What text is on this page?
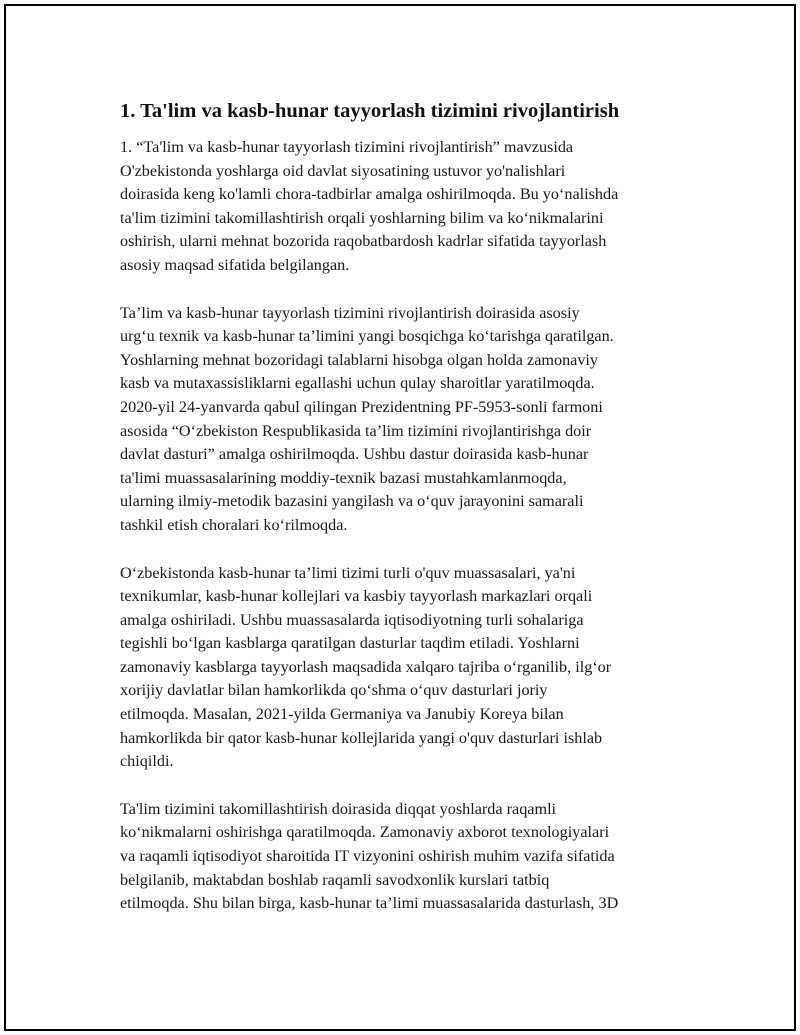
1. Ta'lim va kasb-hunar tayyorlash tizimini rivojlantirish

1. “Ta'lim va kasb-hunar tayyorlash tizimini rivojlantirish” mavzusida
O'zbekistonda yoshlarga oid davlat siyosatining ustuvor yo'nalishlari
doirasida keng ko'lamli chora-tadbirlar amalga oshirilmoqda. Bu yo‘nalishda
ta'lim tizimini takomillashtirish orqali yoshlarning bilim va ko‘nikmalarini
oshirish, ularni mehnat bozorida raqobatbardosh kadrlar sifatida tayyorlash
asosiy maqsad sifatida belgilangan.

Ta’lim va kasb-hunar tayyorlash tizimini rivojlantirish doirasida asosiy
urg‘u texnik va kasb-hunar ta’limini yangi bosqichga ko‘tarishga qaratilgan.
Yoshlarning mehnat bozoridagi talablarni hisobga olgan holda zamonaviy
kasb va mutaxassisliklarni egallashi uchun qulay sharoitlar yaratilmoqda.
2020-yil 24-yanvarda qabul qilingan Prezidentning PF-5953-sonli farmoni
asosida “O‘zbekiston Respublikasida ta’lim tizimini rivojlantirishga doir
davlat dasturi” amalga oshirilmoqda. Ushbu dastur doirasida kasb-hunar
ta'limi muassasalarining moddiy-texnik bazasi mustahkamlanmoqda,
ularning ilmiy-metodik bazasini yangilash va o‘quv jarayonini samarali
tashkil etish choralari ko‘rilmoqda.

O‘zbekistonda kasb-hunar ta’limi tizimi turli o'quv muassasalari, ya'ni
texnikumlar, kasb-hunar kollejlari va kasbiy tayyorlash markazlari orqali
amalga oshiriladi. Ushbu muassasalarda iqtisodiyotning turli sohalariga
tegishli bo‘lgan kasblarga qaratilgan dasturlar taqdim etiladi. Yoshlarni
zamonaviy kasblarga tayyorlash maqsadida xalqaro tajriba o‘rganilib, ilg‘or
xorijiy davlatlar bilan hamkorlikda qo‘shma o‘quv dasturlari joriy
etilmoqda. Masalan, 2021-yilda Germaniya va Janubiy Koreya bilan
hamkorlikda bir qator kasb-hunar kollejlarida yangi o'quv dasturlari ishlab
chiqildi.

Ta'lim tizimini takomillashtirish doirasida diqqat yoshlarda raqamli
ko‘nikmalarni oshirishga qaratilmoqda. Zamonaviy axborot texnologiyalari
va raqamli iqtisodiyot sharoitida IT vizyonini oshirish muhim vazifa sifatida
belgilanib, maktabdan boshlab raqamli savodxonlik kurslari tatbiq
etilmoqda. Shu bilan birga, kasb-hunar ta’limi muassasalarida dasturlash, 3D
